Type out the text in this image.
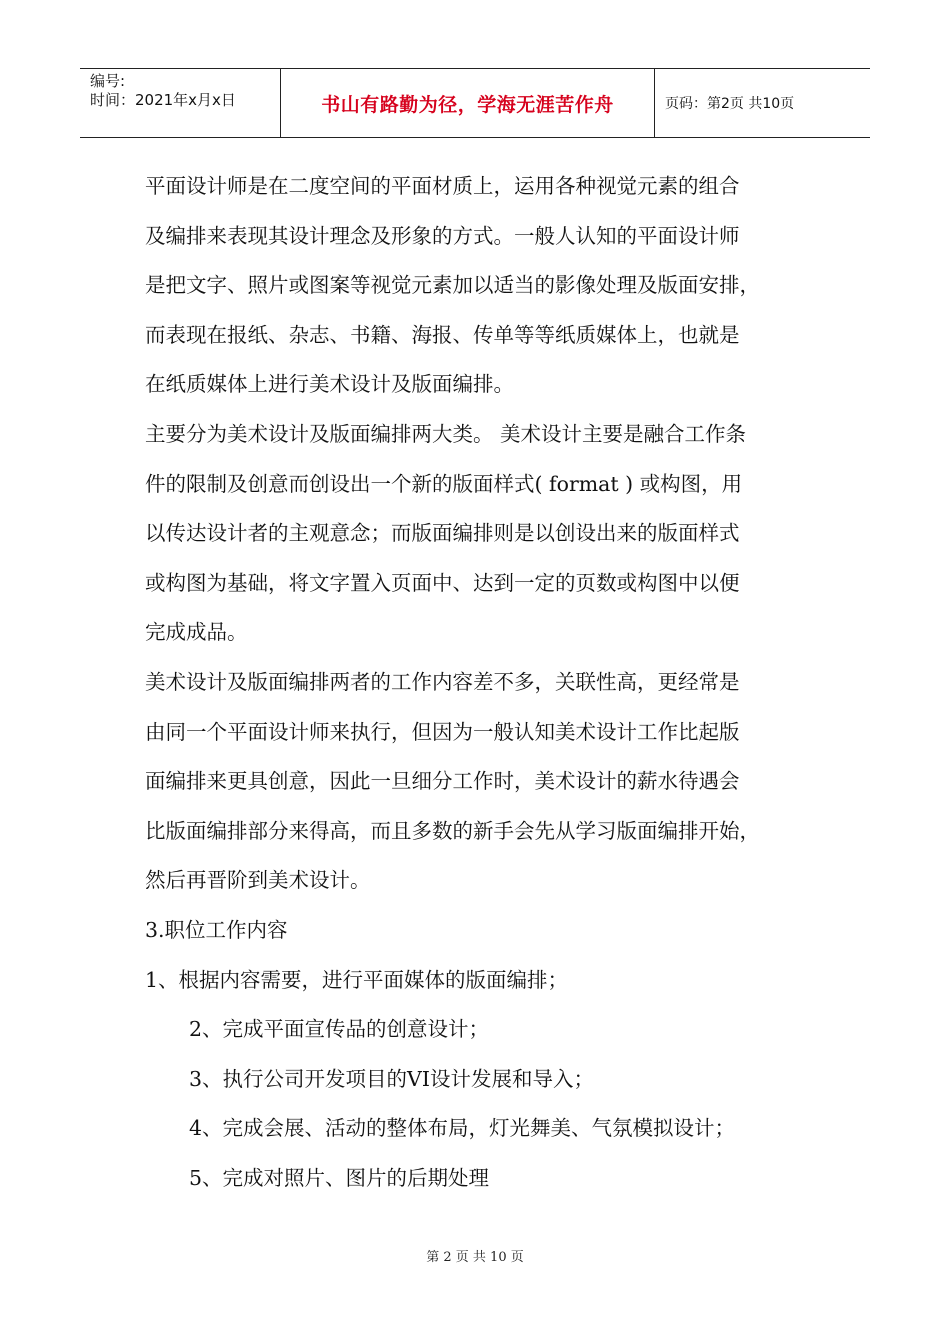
编号:
时间：2021年x月x日	书山有路勤为径，学海无涯苦作舟	页码：第2页 共10页

平面设计师是在二度空间的平面材质上，运用各种视觉元素的组合

及编排来表现其设计理念及形象的方式。一般人认知的平面设计师

是把文字、照片或图案等视觉元素加以适当的影像处理及版面安排，

而表现在报纸、杂志、书籍、海报、传单等等纸质媒体上，也就是

在纸质媒体上进行美术设计及版面编排。

主要分为美术设计及版面编排两大类。 美术设计主要是融合工作条

件的限制及创意而创设出一个新的版面样式( format ) 或构图，用

以传达设计者的主观意念；而版面编排则是以创设出来的版面样式

或构图为基础，将文字置入页面中、达到一定的页数或构图中以便

完成成品。

美术设计及版面编排两者的工作内容差不多，关联性高，更经常是

由同一个平面设计师来执行，但因为一般认知美术设计工作比起版

面编排来更具创意，因此一旦细分工作时，美术设计的薪水待遇会

比版面编排部分来得高，而且多数的新手会先从学习版面编排开始，

然后再晋阶到美术设计。

3.职位工作内容

1、根据内容需要，进行平面媒体的版面编排；

2、完成平面宣传品的创意设计；

3、执行公司开发项目的VI设计发展和导入；

4、完成会展、活动的整体布局，灯光舞美、气氛模拟设计；

5、完成对照片、图片的后期处理

第 2 页 共 10 页
